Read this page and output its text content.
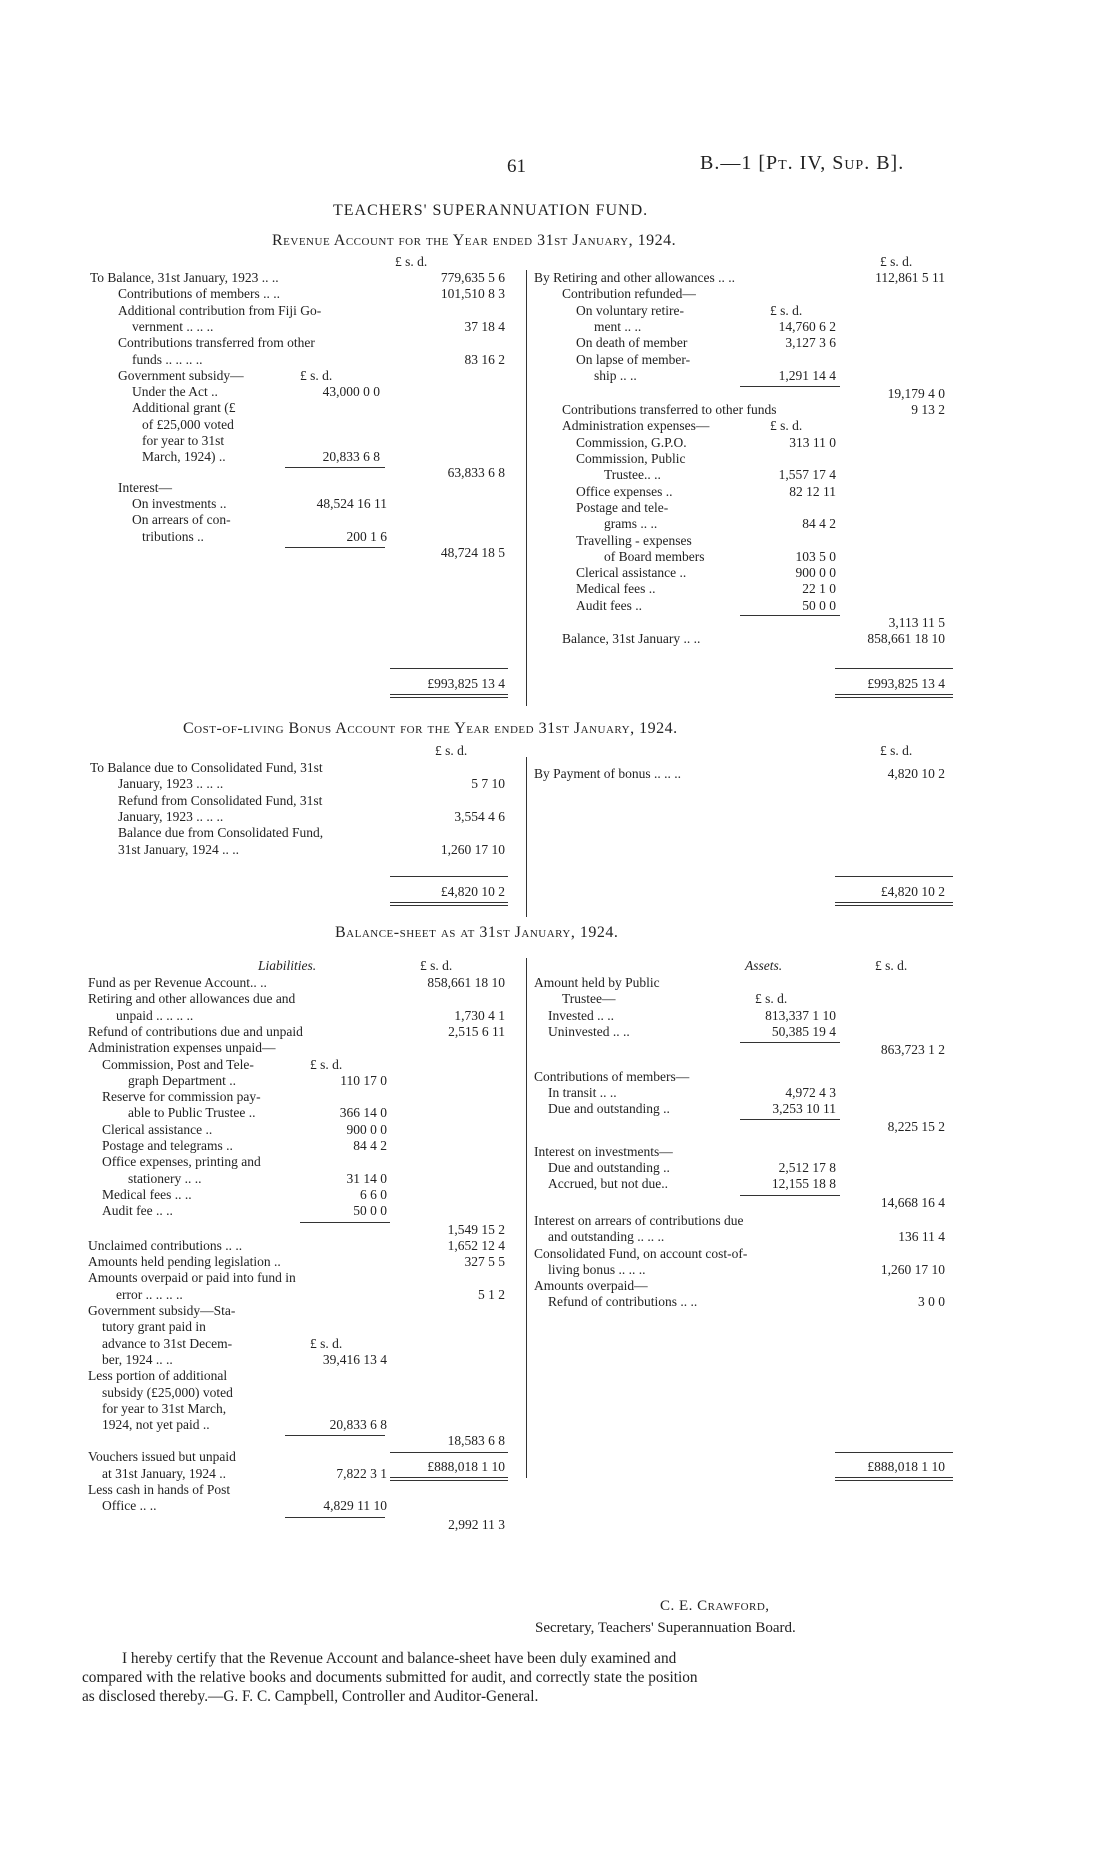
61	B.—1 [Pt. IV, Sup. B].
TEACHERS' SUPERANNUATION FUND.
Revenue Account for the Year ended 31st January, 1924.
£ s. d.
To Balance, 31st January, 1923 .. ..	779,635 5 6
Contributions of members .. ..	101,510 8 3
Additional contribution from Fiji Go-
vernment .. .. ..	37 18 4
Contributions transferred from other
funds .. .. .. ..	83 16 2
Government subsidy—	£ s. d.
Under the Act ..	43,000 0 0
Additional grant (£
of £25,000 voted
for year to 31st
March, 1924) ..	20,833 6 8
63,833 6 8
Interest—
On investments ..	48,524 16 11
On arrears of con-
tributions ..	200 1 6
48,724 18 5
£993,825 13 4
£ s. d.
By Retiring and other allowances .. ..	112,861 5 11
Contribution refunded—
On voluntary retire-	£ s. d.
ment .. ..	14,760 6 2
On death of member	3,127 3 6
On lapse of member-
ship .. ..	1,291 14 4
19,179 4 0
Contributions transferred to other funds	9 13 2
Administration expenses—	£ s. d.
Commission, G.P.O.	313 11 0
Commission, Public
Trustee.. ..	1,557 17 4
Office expenses ..	82 12 11
Postage and tele-
grams .. ..	84 4 2
Travelling - expenses
of Board members	103 5 0
Clerical assistance ..	900 0 0
Medical fees ..	22 1 0
Audit fees ..	50 0 0
3,113 11 5
Balance, 31st January .. ..	858,661 18 10
£993,825 13 4
Cost-of-living Bonus Account for the Year ended 31st January, 1924.
£ s. d.	£ s. d.
To Balance due to Consolidated Fund, 31st
January, 1923 .. .. ..	5 7 10
Refund from Consolidated Fund, 31st
January, 1923 .. .. ..	3,554 4 6
Balance due from Consolidated Fund,
31st January, 1924 .. ..	1,260 17 10
£4,820 10 2
By Payment of bonus .. .. ..	4,820 10 2
£4,820 10 2
Balance-sheet as at 31st January, 1924.
Liabilities.	£ s. d.	Assets.	£ s. d.
Fund as per Revenue Account.. ..	858,661 18 10
Retiring and other allowances due and
unpaid .. .. .. ..	1,730 4 1
Refund of contributions due and unpaid	2,515 6 11
Administration expenses unpaid—
Commission, Post and Tele-	£ s. d.
graph Department ..	110 17 0
Reserve for commission pay-
able to Public Trustee ..	366 14 0
Clerical assistance ..	900 0 0
Postage and telegrams ..	84 4 2
Office expenses, printing and
stationery .. ..	31 14 0
Medical fees .. ..	6 6 0
Audit fee .. ..	50 0 0
1,549 15 2
Unclaimed contributions .. ..	1,652 12 4
Amounts held pending legislation ..	327 5 5
Amounts overpaid or paid into fund in
error .. .. .. ..	5 1 2
Government subsidy—Sta-
tutory grant paid in
advance to 31st Decem-	£ s. d.
ber, 1924 .. ..	39,416 13 4
Less portion of additional
subsidy (£25,000) voted
for year to 31st March,
1924, not yet paid ..	20,833 6 8
18,583 6 8
Vouchers issued but unpaid
at 31st January, 1924 ..	7,822 3 1
Less cash in hands of Post
Office .. ..	4,829 11 10
2,992 11 3
£888,018 1 10
Amount held by Public
Trustee—	£ s. d.
Invested .. ..	813,337 1 10
Uninvested .. ..	50,385 19 4
863,723 1 2
Contributions of members—
In transit .. ..	4,972 4 3
Due and outstanding ..	3,253 10 11
8,225 15 2
Interest on investments—
Due and outstanding ..	2,512 17 8
Accrued, but not due..	12,155 18 8
14,668 16 4
Interest on arrears of contributions due
and outstanding .. .. ..	136 11 4
Consolidated Fund, on account cost-of-
living bonus .. .. ..	1,260 17 10
Amounts overpaid—
Refund of contributions .. ..	3 0 0
£888,018 1 10
C. E. Crawford,
Secretary, Teachers' Superannuation Board.
I hereby certify that the Revenue Account and balance-sheet have been duly examined and
compared with the relative books and documents submitted for audit, and correctly state the position
as disclosed thereby.—G. F. C. Campbell, Controller and Auditor-General.
